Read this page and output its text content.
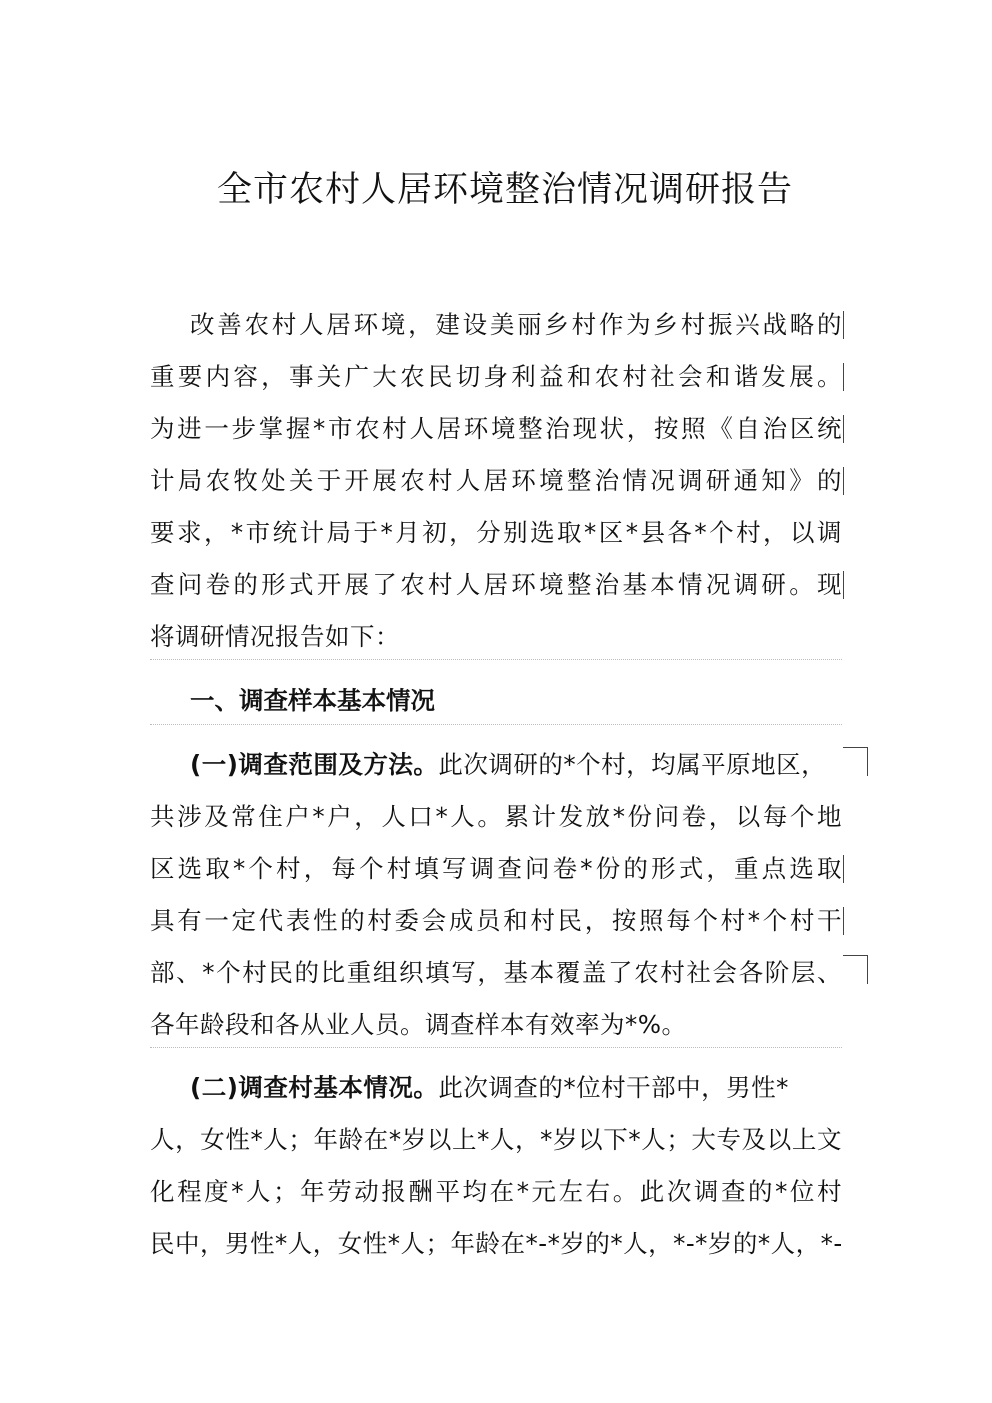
全市农村人居环境整治情况调研报告
改善农村人居环境，建设美丽乡村作为乡村振兴战略的
重要内容，事关广大农民切身利益和农村社会和谐发展。
为进一步掌握*市农村人居环境整治现状，按照《自治区统
计局农牧处关于开展农村人居环境整治情况调研通知》的
要求，*市统计局于*月初，分别选取*区*县各*个村，以调
查问卷的形式开展了农村人居环境整治基本情况调研。现
将调研情况报告如下：
一、调查样本基本情况
(一)调查范围及方法。此次调研的*个村，均属平原地区，
共涉及常住户*户，人口*人。累计发放*份问卷，以每个地
区选取*个村，每个村填写调查问卷*份的形式，重点选取
具有一定代表性的村委会成员和村民，按照每个村*个村干
部、*个村民的比重组织填写，基本覆盖了农村社会各阶层、
各年龄段和各从业人员。调查样本有效率为*%。
(二)调查村基本情况。此次调查的*位村干部中，男性*
人，女性*人；年龄在*岁以上*人，*岁以下*人；大专及以上文
化程度*人；年劳动报酬平均在*元左右。此次调查的*位村
民中，男性*人，女性*人；年龄在*-*岁的*人，*-*岁的*人，*-
